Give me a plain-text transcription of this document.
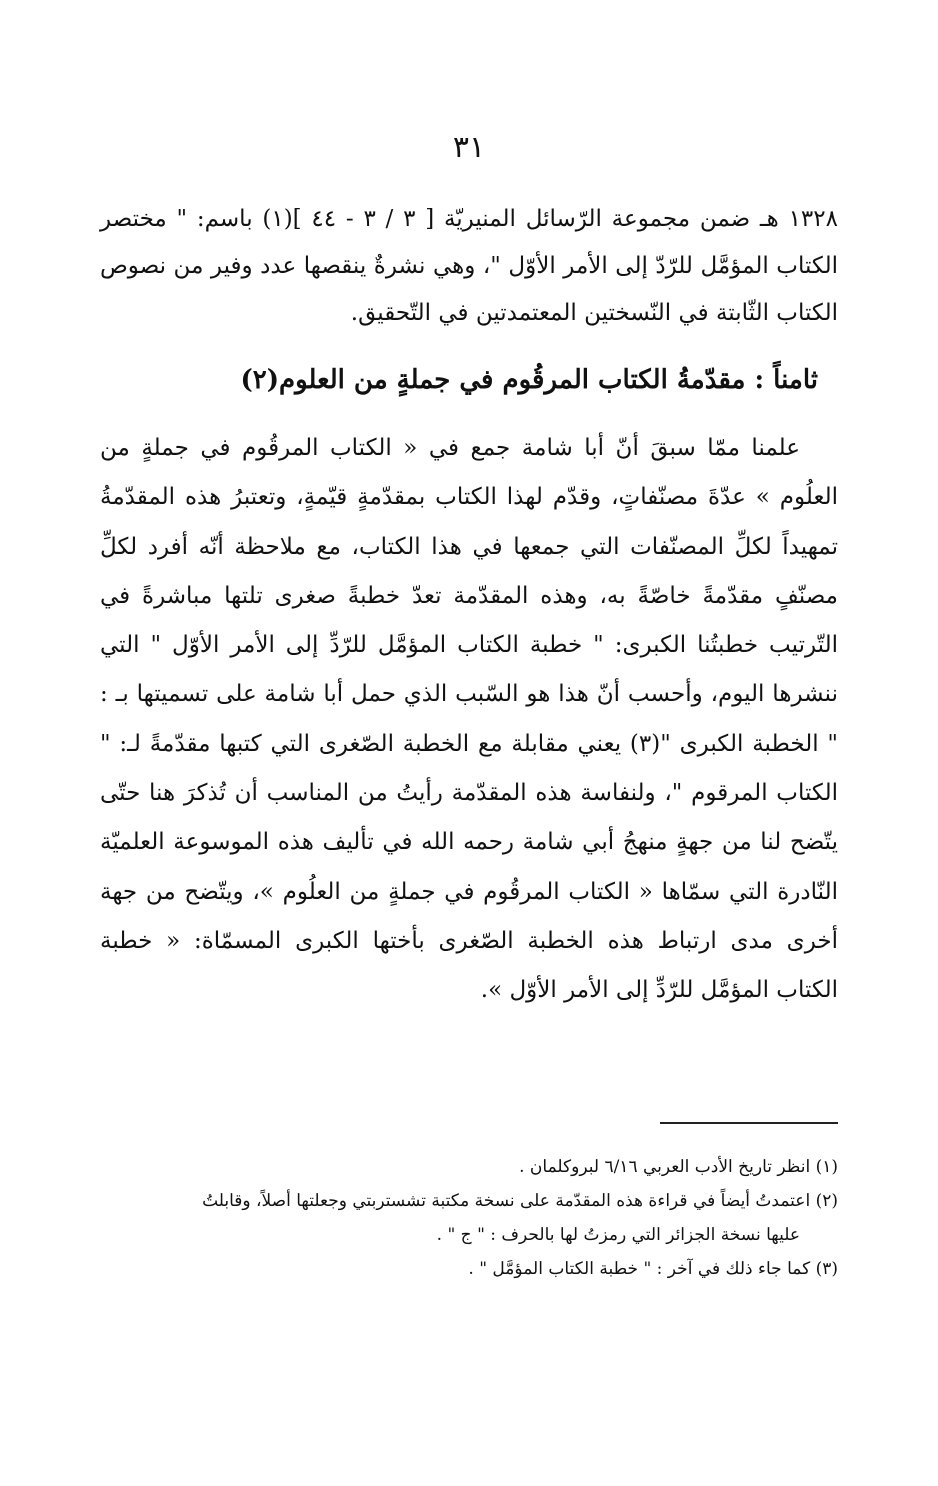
٣١

١٣٢٨ هـ ضمن مجموعة الرّسائل المنيريّة [ ٣ / ٣ - ٤٤ ](١) باسم: " مختصر الكتاب المؤمَّل للرّدّ إلى الأمر الأوّل "، وهي نشرةٌ ينقصها عدد وفير من نصوص الكتاب الثّابتة في النّسختين المعتمدتين في التّحقيق.

ثامناً : مقدّمةُ الكتاب المرقُوم في جملةٍ من العلوم(٢)

علمنا ممّا سبقَ أنّ أبا شامة جمع في « الكتاب المرقُوم في جملةٍ من العلُوم » عدّةَ مصنّفاتٍ، وقدّم لهذا الكتاب بمقدّمةٍ قيّمةٍ، وتعتبرُ هذه المقدّمةُ تمهيداً لكلِّ المصنّفات التي جمعها في هذا الكتاب، مع ملاحظة أنّه أفرد لكلِّ مصنّفٍ مقدّمةً خاصّةً به، وهذه المقدّمة تعدّ خطبةً صغرى تلتها مباشرةً في التّرتيب خطبتُنا الكبرى: " خطبة الكتاب المؤمَّل للرّدِّ إلى الأمر الأوّل " التي ننشرها اليوم، وأحسب أنّ هذا هو السّبب الذي حمل أبا شامة على تسميتها بـ : " الخطبة الكبرى "(٣) يعني مقابلة مع الخطبة الصّغرى التي كتبها مقدّمةً لـ: " الكتاب المرقوم "، ولنفاسة هذه المقدّمة رأيتُ من المناسب أن تُذكرَ هنا حتّى يتّضح لنا من جهةٍ منهجُ أبي شامة رحمه الله في تأليف هذه الموسوعة العلميّة النّادرة التي سمّاها « الكتاب المرقُوم في جملةٍ من العلُوم »، ويتّضح من جهة أخرى مدى ارتباط هذه الخطبة الصّغرى بأختها الكبرى المسمّاة: « خطبة الكتاب المؤمَّل للرّدِّ إلى الأمر الأوّل ».

(١) انظر تاريخ الأدب العربي ٦/١٦ لبروكلمان .

(٢) اعتمدتُ أيضاً في قراءة هذه المقدّمة على نسخة مكتبة تشستربتي وجعلتها أصلاً، وقابلتُ

عليها نسخة الجزائر التي رمزتُ لها بالحرف : " ج " .

(٣) كما جاء ذلك في آخر : " خطبة الكتاب المؤمَّل " .
